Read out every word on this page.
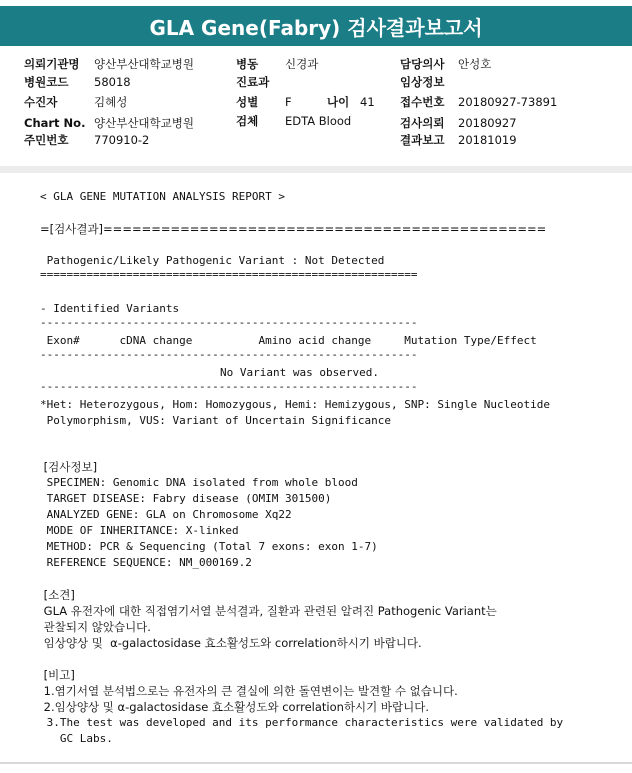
GLA Gene(Fabry) 검사결과보고서
의뢰기관명 양산부산대학교병원
병원코드 58018
수진자	김혜성
Chart No. 양산부산대학교병원
주민번호 770910-2
병동 신경과
진료과
성별 F	나이 41
검체 EDTA Blood
담당의사 안성호
임상정보
접수번호 20180927-73891
검사의뢰 20180927
결과보고 20181019
< GLA GENE MUTATION ANALYSIS REPORT >
=[검사결과]==============================================
Pathogenic/Likely Pathogenic Variant : Not Detected
=========================================================
- Identified Variants
---------------------------------------------------------
Exon#      cDNA change          Amino acid change     Mutation Type/Effect
---------------------------------------------------------
No Variant was observed.
---------------------------------------------------------
*Het: Heterozygous, Hom: Homozygous, Hemi: Hemizygous, SNP: Single Nucleotide
Polymorphism, VUS: Variant of Uncertain Significance
[검사정보]
SPECIMEN: Genomic DNA isolated from whole blood
TARGET DISEASE: Fabry disease (OMIM 301500)
ANALYZED GENE: GLA on Chromosome Xq22
MODE OF INHERITANCE: X-linked
METHOD: PCR & Sequencing (Total 7 exons: exon 1-7)
REFERENCE SEQUENCE: NM_000169.2
[소견]
GLA 유전자에 대한 직접염기서열 분석결과, 질환과 관련된 알려진 Pathogenic Variant는
관찰되지 않았습니다.
임상양상 및  α-galactosidase 효소활성도와 correlation하시기 바랍니다.
[비고]
1.염기서열 분석법으로는 유전자의 큰 결실에 의한 돌연변이는 발견할 수 없습니다.
2.임상양상 및 α-galactosidase 효소활성도와 correlation하시기 바랍니다.
3.The test was developed and its performance characteristics were validated by
GC Labs.
